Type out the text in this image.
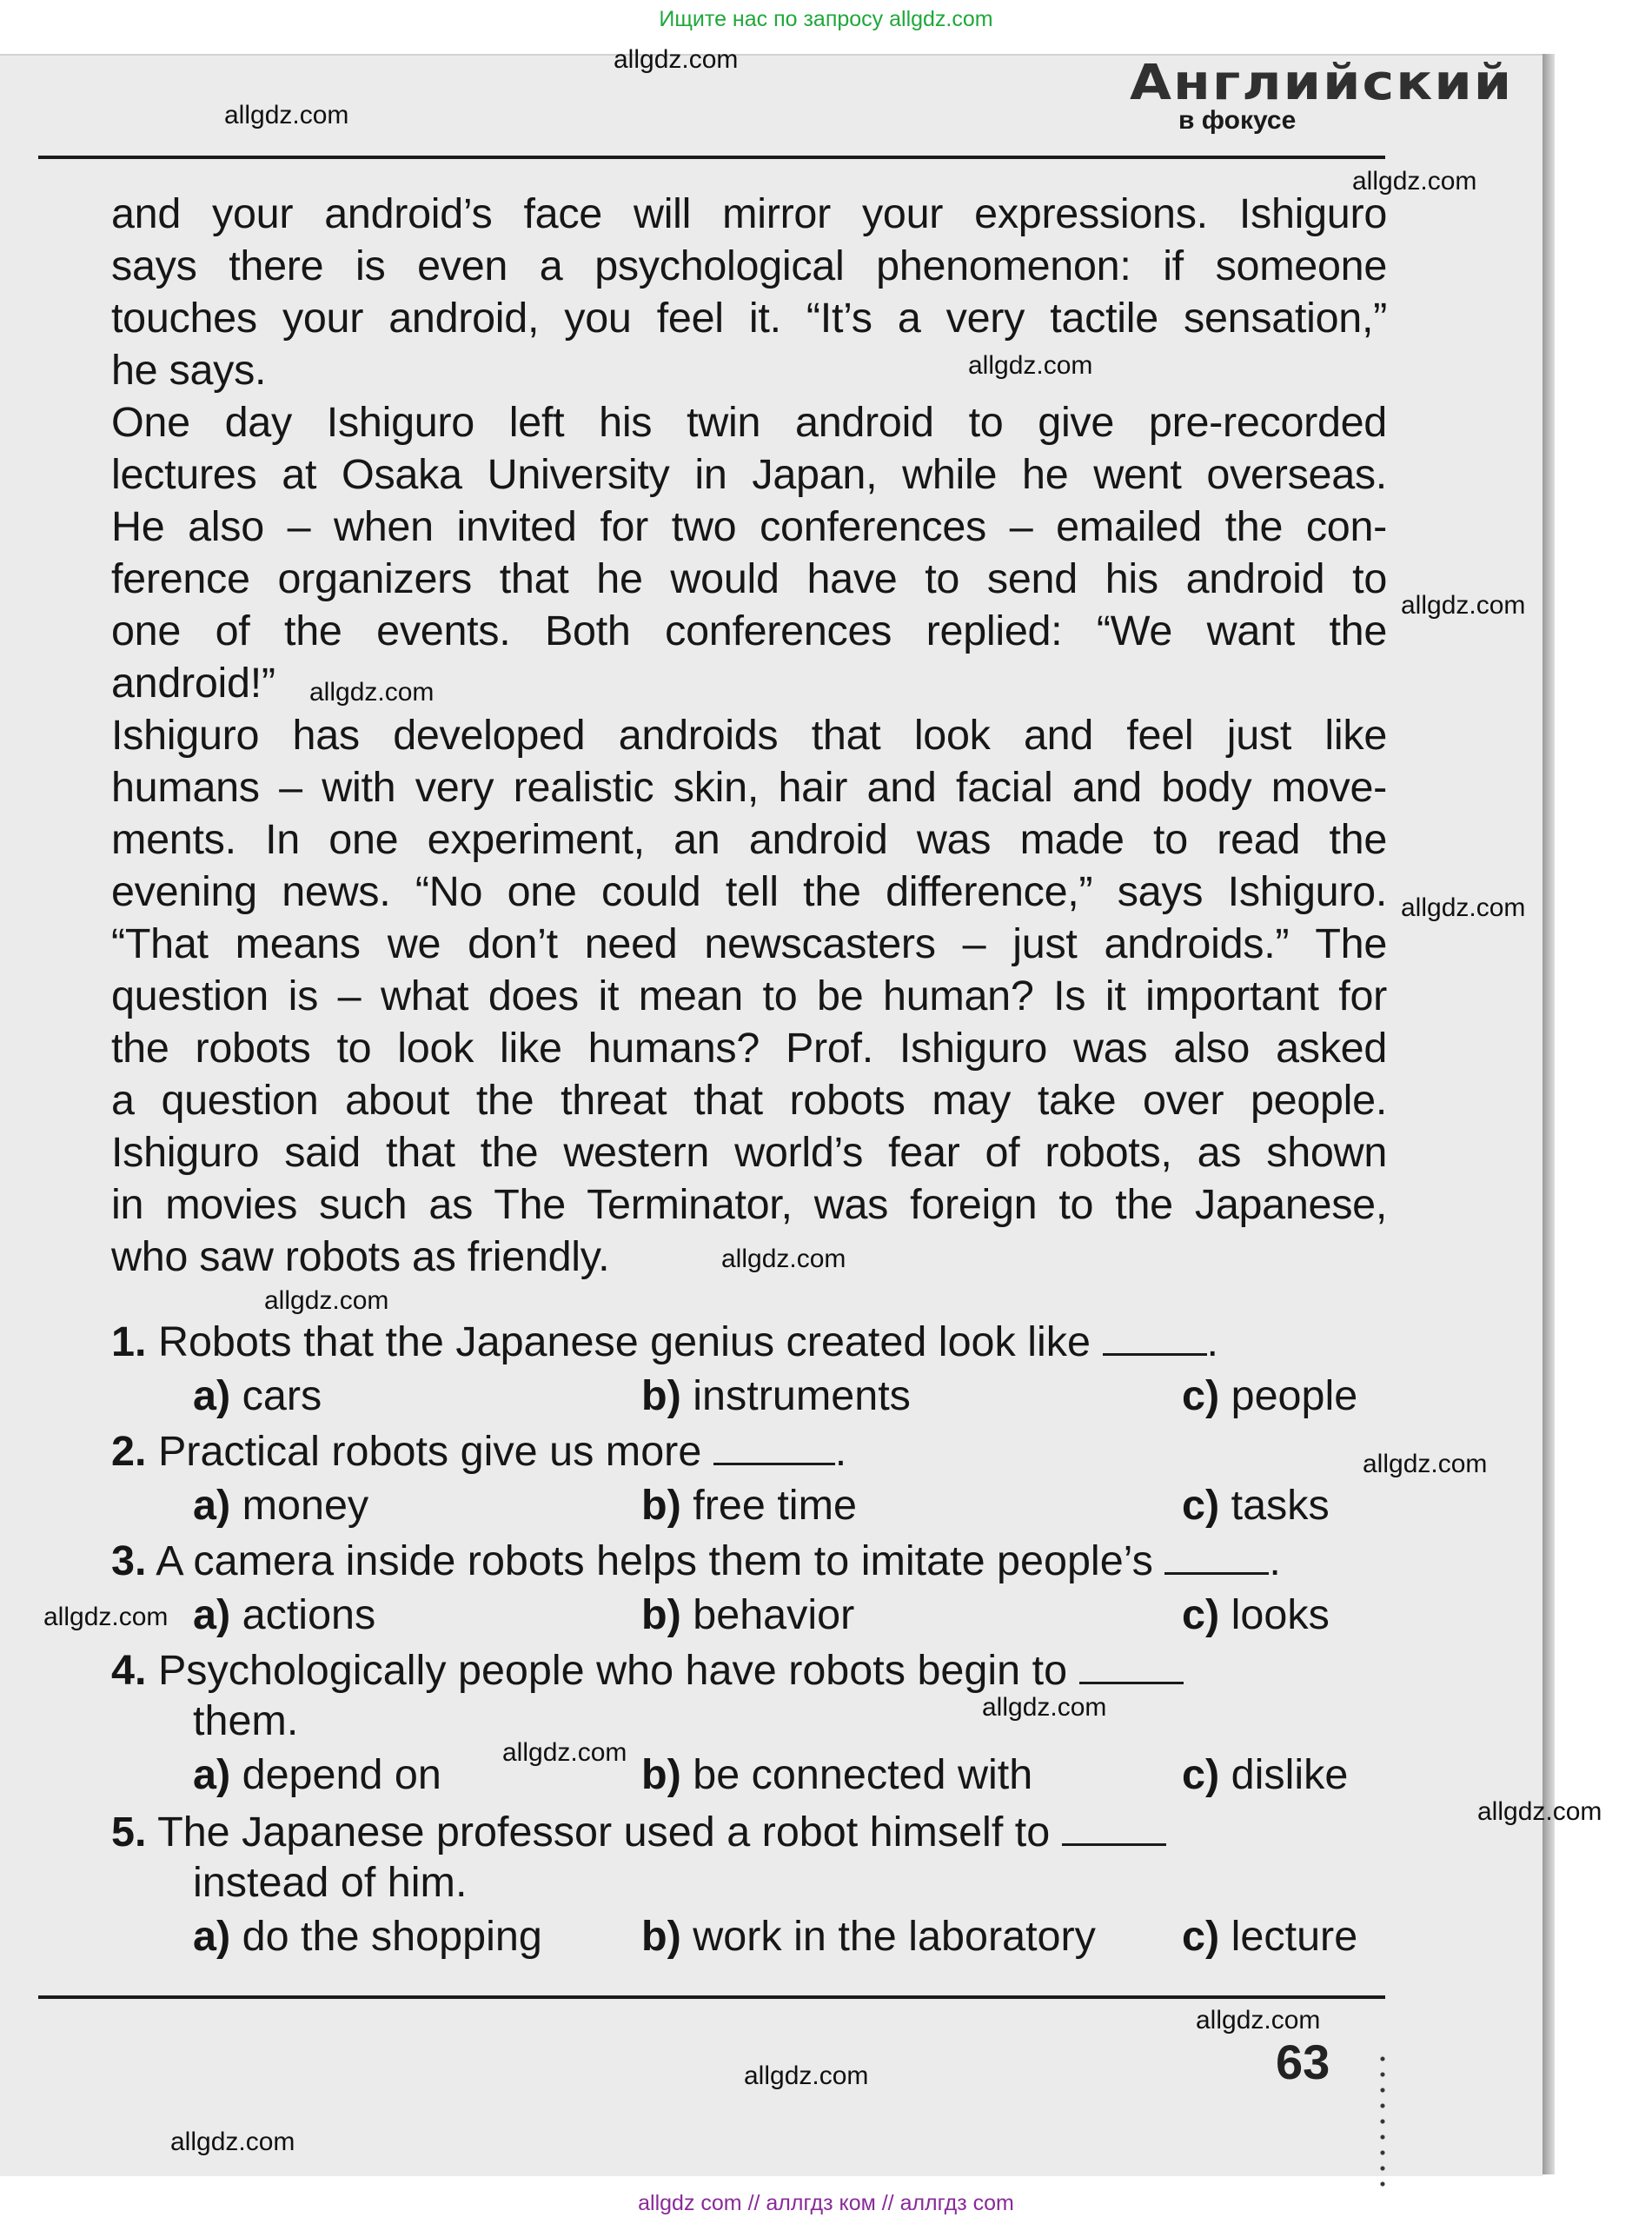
Ищите нас по запросу allgdz.com
Английский
в фокусе
and your android’s face will mirror your expressions. Ishiguro
says there is even a psychological phenomenon: if someone
touches your android, you feel it. “It’s a very tactile sensation,”
he says.
One day Ishiguro left his twin android to give pre-recorded
lectures at Osaka University in Japan, while he went overseas.
He also – when invited for two conferences – emailed the con-
ference organizers that he would have to send his android to
one of the events. Both conferences replied: “We want the
android!”
Ishiguro has developed androids that look and feel just like
humans – with very realistic skin, hair and facial and body move-
ments. In one experiment, an android was made to read the
evening news. “No one could tell the difference,” says Ishiguro.
“That means we don’t need newscasters – just androids.” The
question is – what does it mean to be human? Is it important for
the robots to look like humans? Prof. Ishiguro was also asked
a question about the threat that robots may take over people.
Ishiguro said that the western world’s fear of robots, as shown
in movies such as The Terminator, was foreign to the Japanese,
who saw robots as friendly.
1. Robots that the Japanese genius created look like	.
a) cars	b) instruments	c) people
2. Practical robots give us more	.
a) money	b) free time	c) tasks
3. A camera inside robots helps them to imitate people’s	.
a) actions	b) behavior	c) looks
4. Psychologically people who have robots begin to
them.
a) depend on	b) be connected with	c) dislike
5. The Japanese professor used a robot himself to
instead of him.
a) do the shopping b) work in the laboratory c) lecture
63
allgdz.com
allgdz.com
allgdz.com
allgdz.com
allgdz.com
allgdz.com
allgdz.com
allgdz.com
allgdz.com
allgdz.com
allgdz.com
allgdz.com
allgdz.com
allgdz.com
allgdz.com
allgdz.com
allgdz.com
allgdz com // аллгдз ком // аллгдз com
